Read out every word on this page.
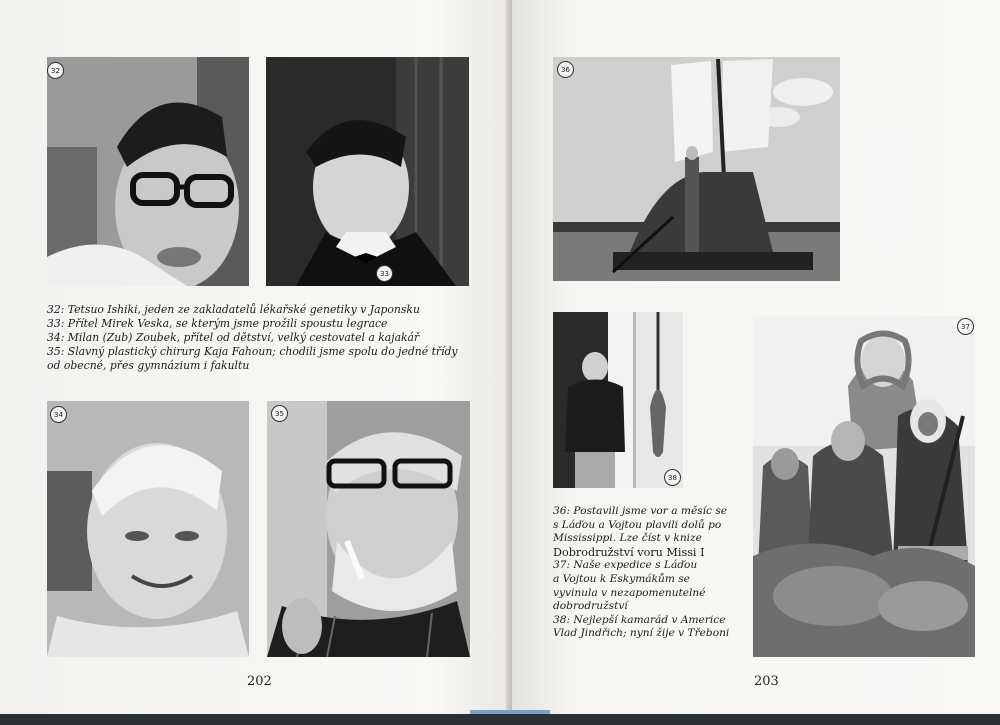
32
33
32: Tetsuo Ishiki, jeden ze zakladatelů lékařské genetiky v Japonsku
33: Přítel Mirek Veska, se kterým jsme prožili spoustu legrace
34: Milan (Zub) Zoubek, přítel od dětství, velký cestovatel a kajakář
35: Slavný plastický chirurg Kaja Fahoun; chodili jsme spolu do jedné třídy
od obecné, přes gymnázium i fakultu
34	35
202
36
38
37
36: Postavili jsme vor a měsíc se
s Láďou a Vojtou plavili dolů po
Mississippi. Lze číst v knize
Dobrodružství voru Missi I
37: Naše expedice s Láďou
a Vojtou k Eskymákům se
vyvinula v nezapomenutelné
dobrodružství
38: Nejlepší kamarád v Americe
Vlad Jindřich; nyní žije v Třeboni
203
